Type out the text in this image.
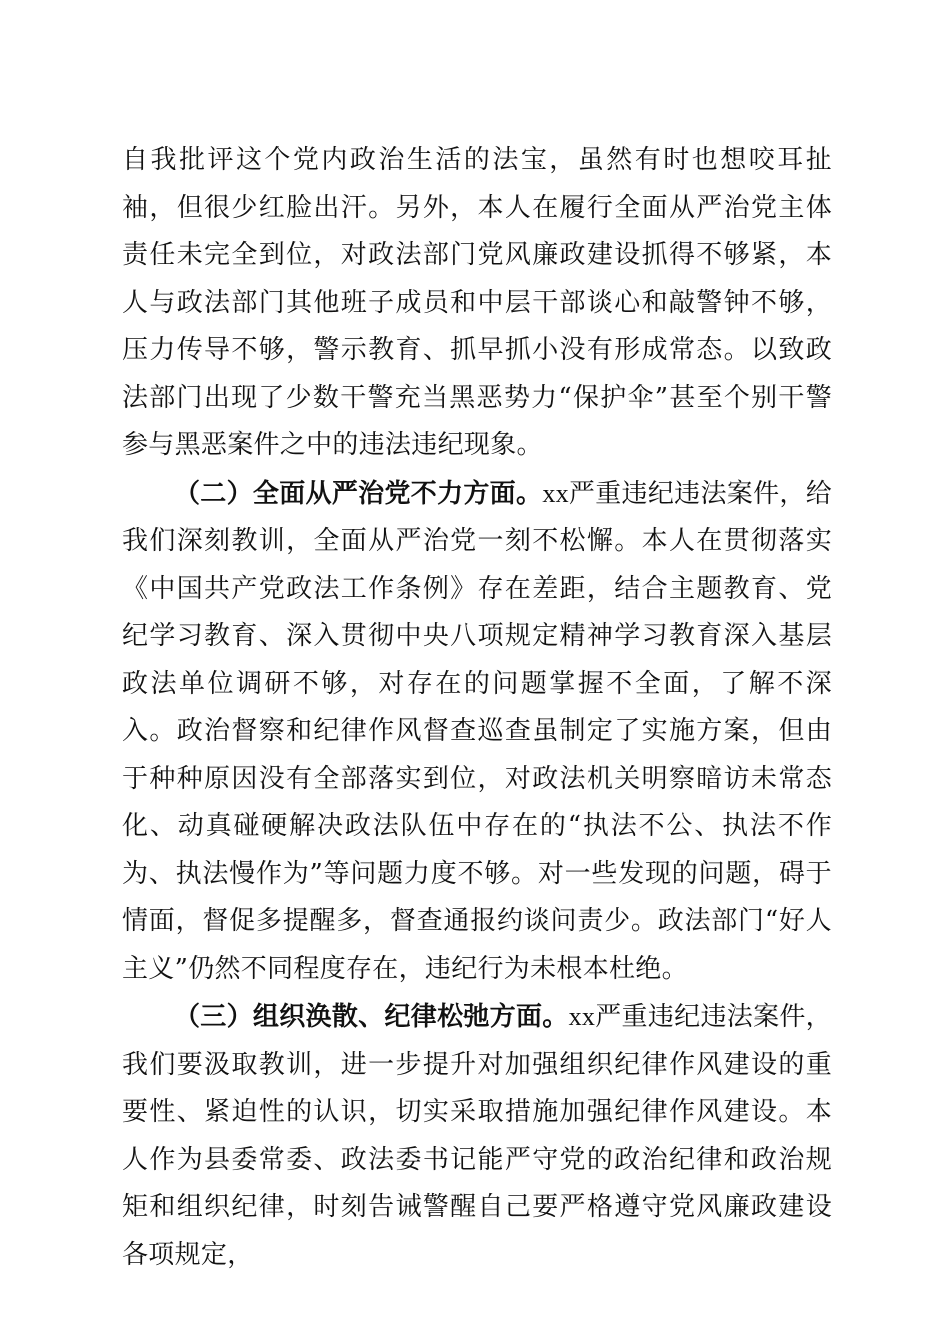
自我批评这个党内政治生活的法宝，虽然有时也想咬耳扯袖，但很少红脸出汗。另外，本人在履行全面从严治党主体责任未完全到位，对政法部门党风廉政建设抓得不够紧，本人与政法部门其他班子成员和中层干部谈心和敲警钟不够，压力传导不够，警示教育、抓早抓小没有形成常态。以致政法部门出现了少数干警充当黑恶势力“保护伞”甚至个别干警参与黑恶案件之中的违法违纪现象。

（二）全面从严治党不力方面。xx严重违纪违法案件，给我们深刻教训，全面从严治党一刻不松懈。本人在贯彻落实《中国共产党政法工作条例》存在差距，结合主题教育、党纪学习教育、深入贯彻中央八项规定精神学习教育深入基层政法单位调研不够，对存在的问题掌握不全面，了解不深入。政治督察和纪律作风督查巡查虽制定了实施方案，但由于种种原因没有全部落实到位，对政法机关明察暗访未常态化、动真碰硬解决政法队伍中存在的“执法不公、执法不作为、执法慢作为”等问题力度不够。对一些发现的问题，碍于情面，督促多提醒多，督查通报约谈问责少。政法部门“好人主义”仍然不同程度存在，违纪行为未根本杜绝。

（三）组织涣散、纪律松弛方面。xx严重违纪违法案件，我们要汲取教训，进一步提升对加强组织纪律作风建设的重要性、紧迫性的认识，切实采取措施加强纪律作风建设。本人作为县委常委、政法委书记能严守党的政治纪律和政治规矩和组织纪律，时刻告诫警醒自己要严格遵守党风廉政建设各项规定，
